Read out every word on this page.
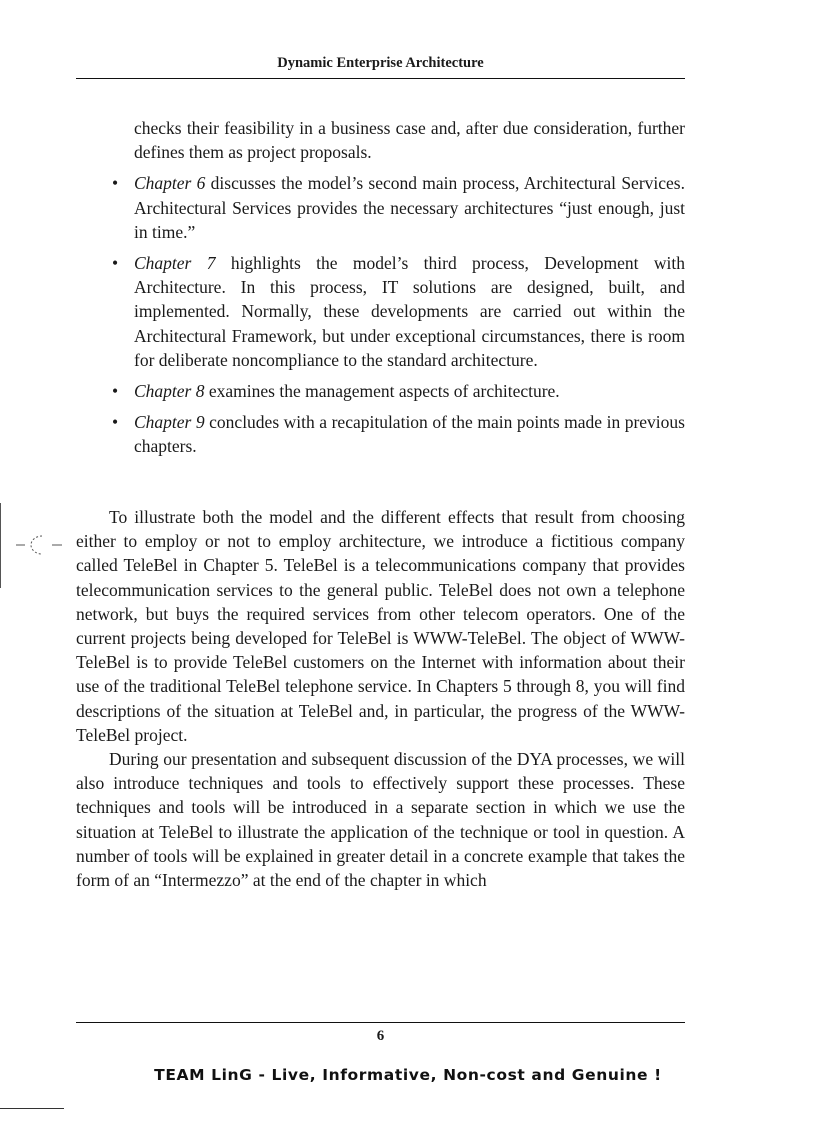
Dynamic Enterprise Architecture

checks their feasibility in a business case and, after due consideration, further defines them as project proposals.

• Chapter 6 discusses the model’s second main process, Architectural Services. Architectural Services provides the necessary architectures “just enough, just in time.”

• Chapter 7 highlights the model’s third process, Development with Architecture. In this process, IT solutions are designed, built, and implemented. Normally, these developments are carried out within the Architectural Framework, but under exceptional circumstances, there is room for deliberate noncompliance to the standard architecture.

• Chapter 8 examines the management aspects of architecture.

• Chapter 9 concludes with a recapitulation of the main points made in previous chapters.

To illustrate both the model and the different effects that result from choosing either to employ or not to employ architecture, we introduce a fictitious company called TeleBel in Chapter 5. TeleBel is a telecommunications company that provides telecommunication services to the general public. TeleBel does not own a telephone network, but buys the required services from other telecom operators. One of the current projects being developed for TeleBel is WWW-TeleBel. The object of WWW-TeleBel is to provide TeleBel customers on the Internet with information about their use of the traditional TeleBel telephone service. In Chapters 5 through 8, you will find descriptions of the situation at TeleBel and, in particular, the progress of the WWW-TeleBel project.

During our presentation and subsequent discussion of the DYA processes, we will also introduce techniques and tools to effectively support these processes. These techniques and tools will be introduced in a separate section in which we use the situation at TeleBel to illustrate the application of the technique or tool in question. A number of tools will be explained in greater detail in a concrete example that takes the form of an “Intermezzo” at the end of the chapter in which

6
TEAM LinG - Live, Informative, Non-cost and Genuine !
